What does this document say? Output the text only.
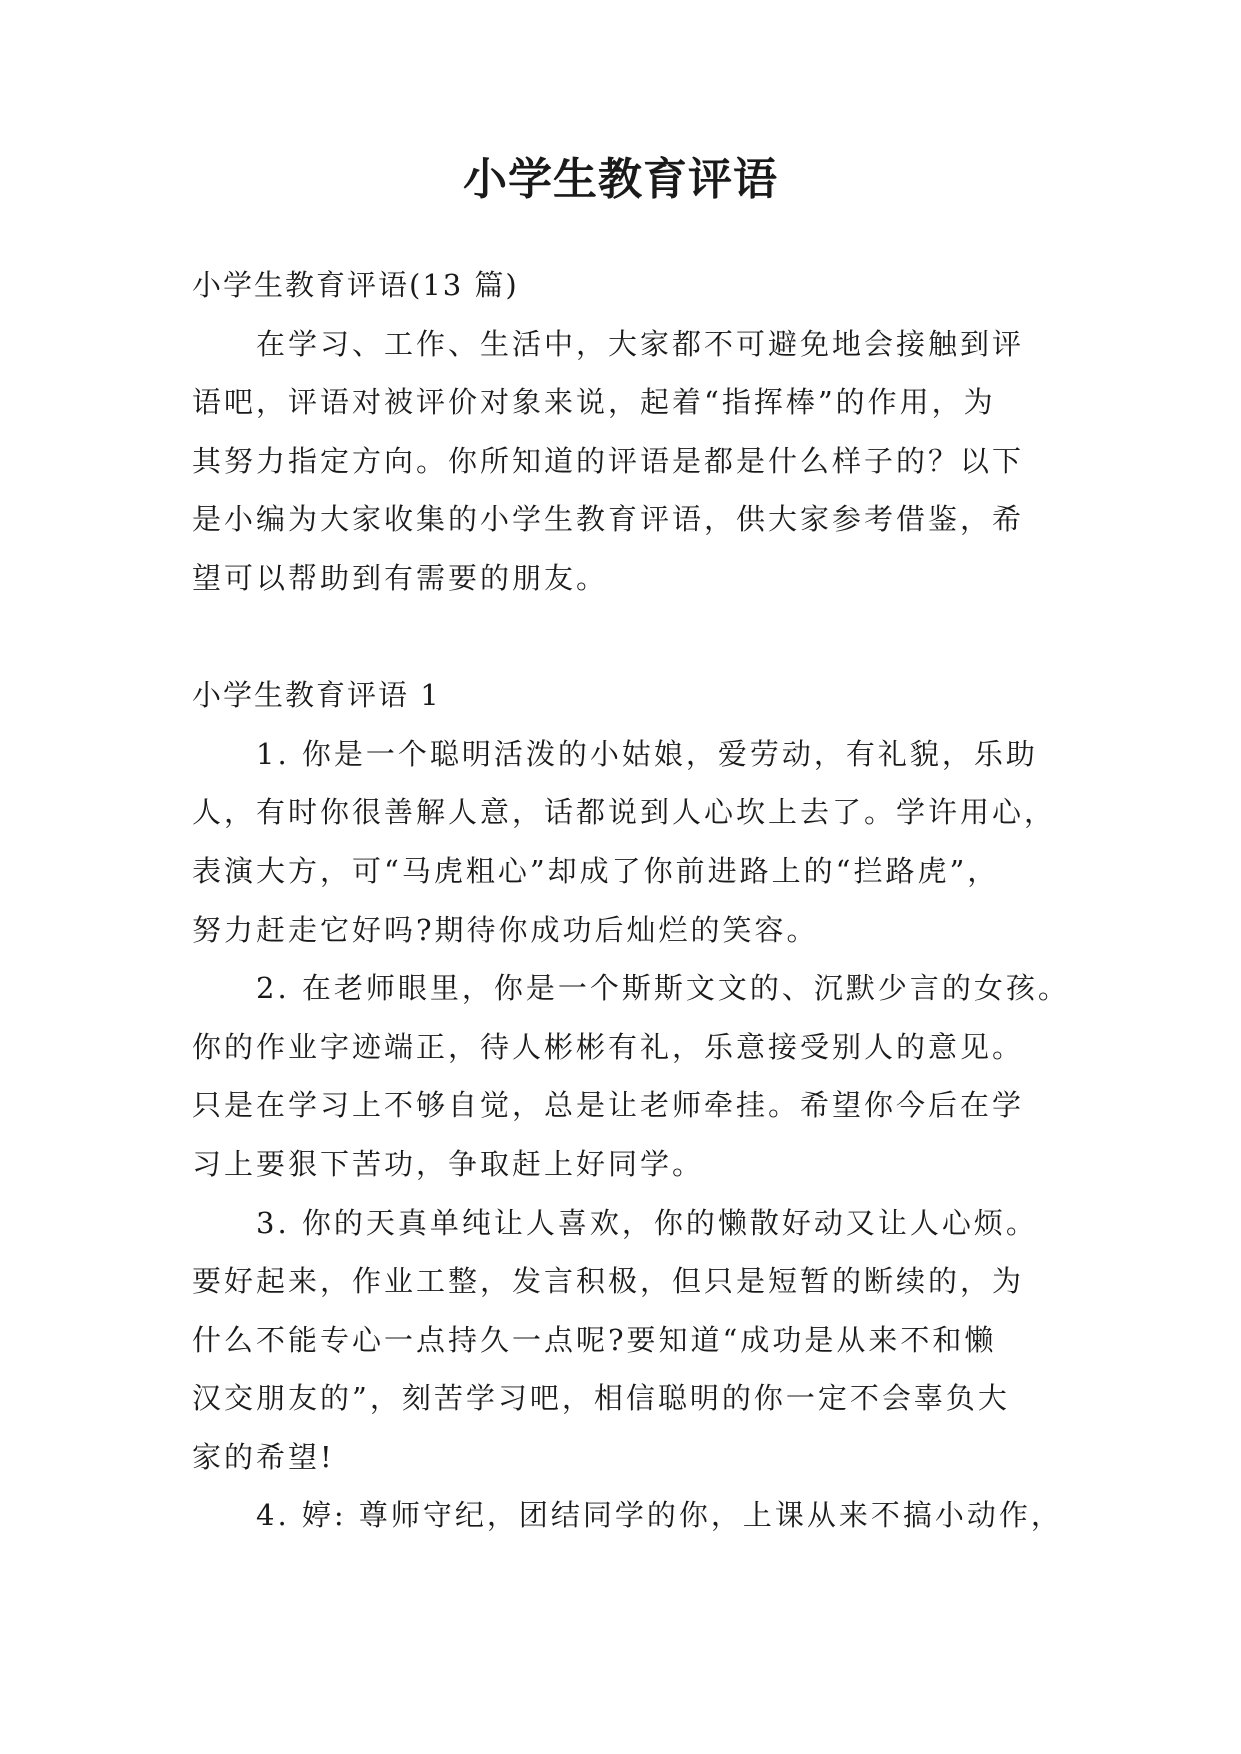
小学生教育评语
小学生教育评语(13 篇)
在学习、工作、生活中，大家都不可避免地会接触到评
语吧，评语对被评价对象来说，起着“指挥棒”的作用，为
其努力指定方向。你所知道的评语是都是什么样子的？以下
是小编为大家收集的小学生教育评语，供大家参考借鉴，希
望可以帮助到有需要的朋友。
小学生教育评语 1
1. 你是一个聪明活泼的小姑娘，爱劳动，有礼貌，乐助
人，有时你很善解人意，话都说到人心坎上去了。学许用心，
表演大方，可“马虎粗心”却成了你前进路上的“拦路虎”，
努力赶走它好吗?期待你成功后灿烂的笑容。
2. 在老师眼里，你是一个斯斯文文的、沉默少言的女孩。
你的作业字迹端正，待人彬彬有礼，乐意接受别人的意见。
只是在学习上不够自觉，总是让老师牵挂。希望你今后在学
习上要狠下苦功，争取赶上好同学。
3. 你的天真单纯让人喜欢，你的懒散好动又让人心烦。
要好起来，作业工整，发言积极，但只是短暂的断续的，为
什么不能专心一点持久一点呢?要知道“成功是从来不和懒
汉交朋友的”，刻苦学习吧，相信聪明的你一定不会辜负大
家的希望!
4. 婷: 尊师守纪，团结同学的你，上课从来不搞小动作，
